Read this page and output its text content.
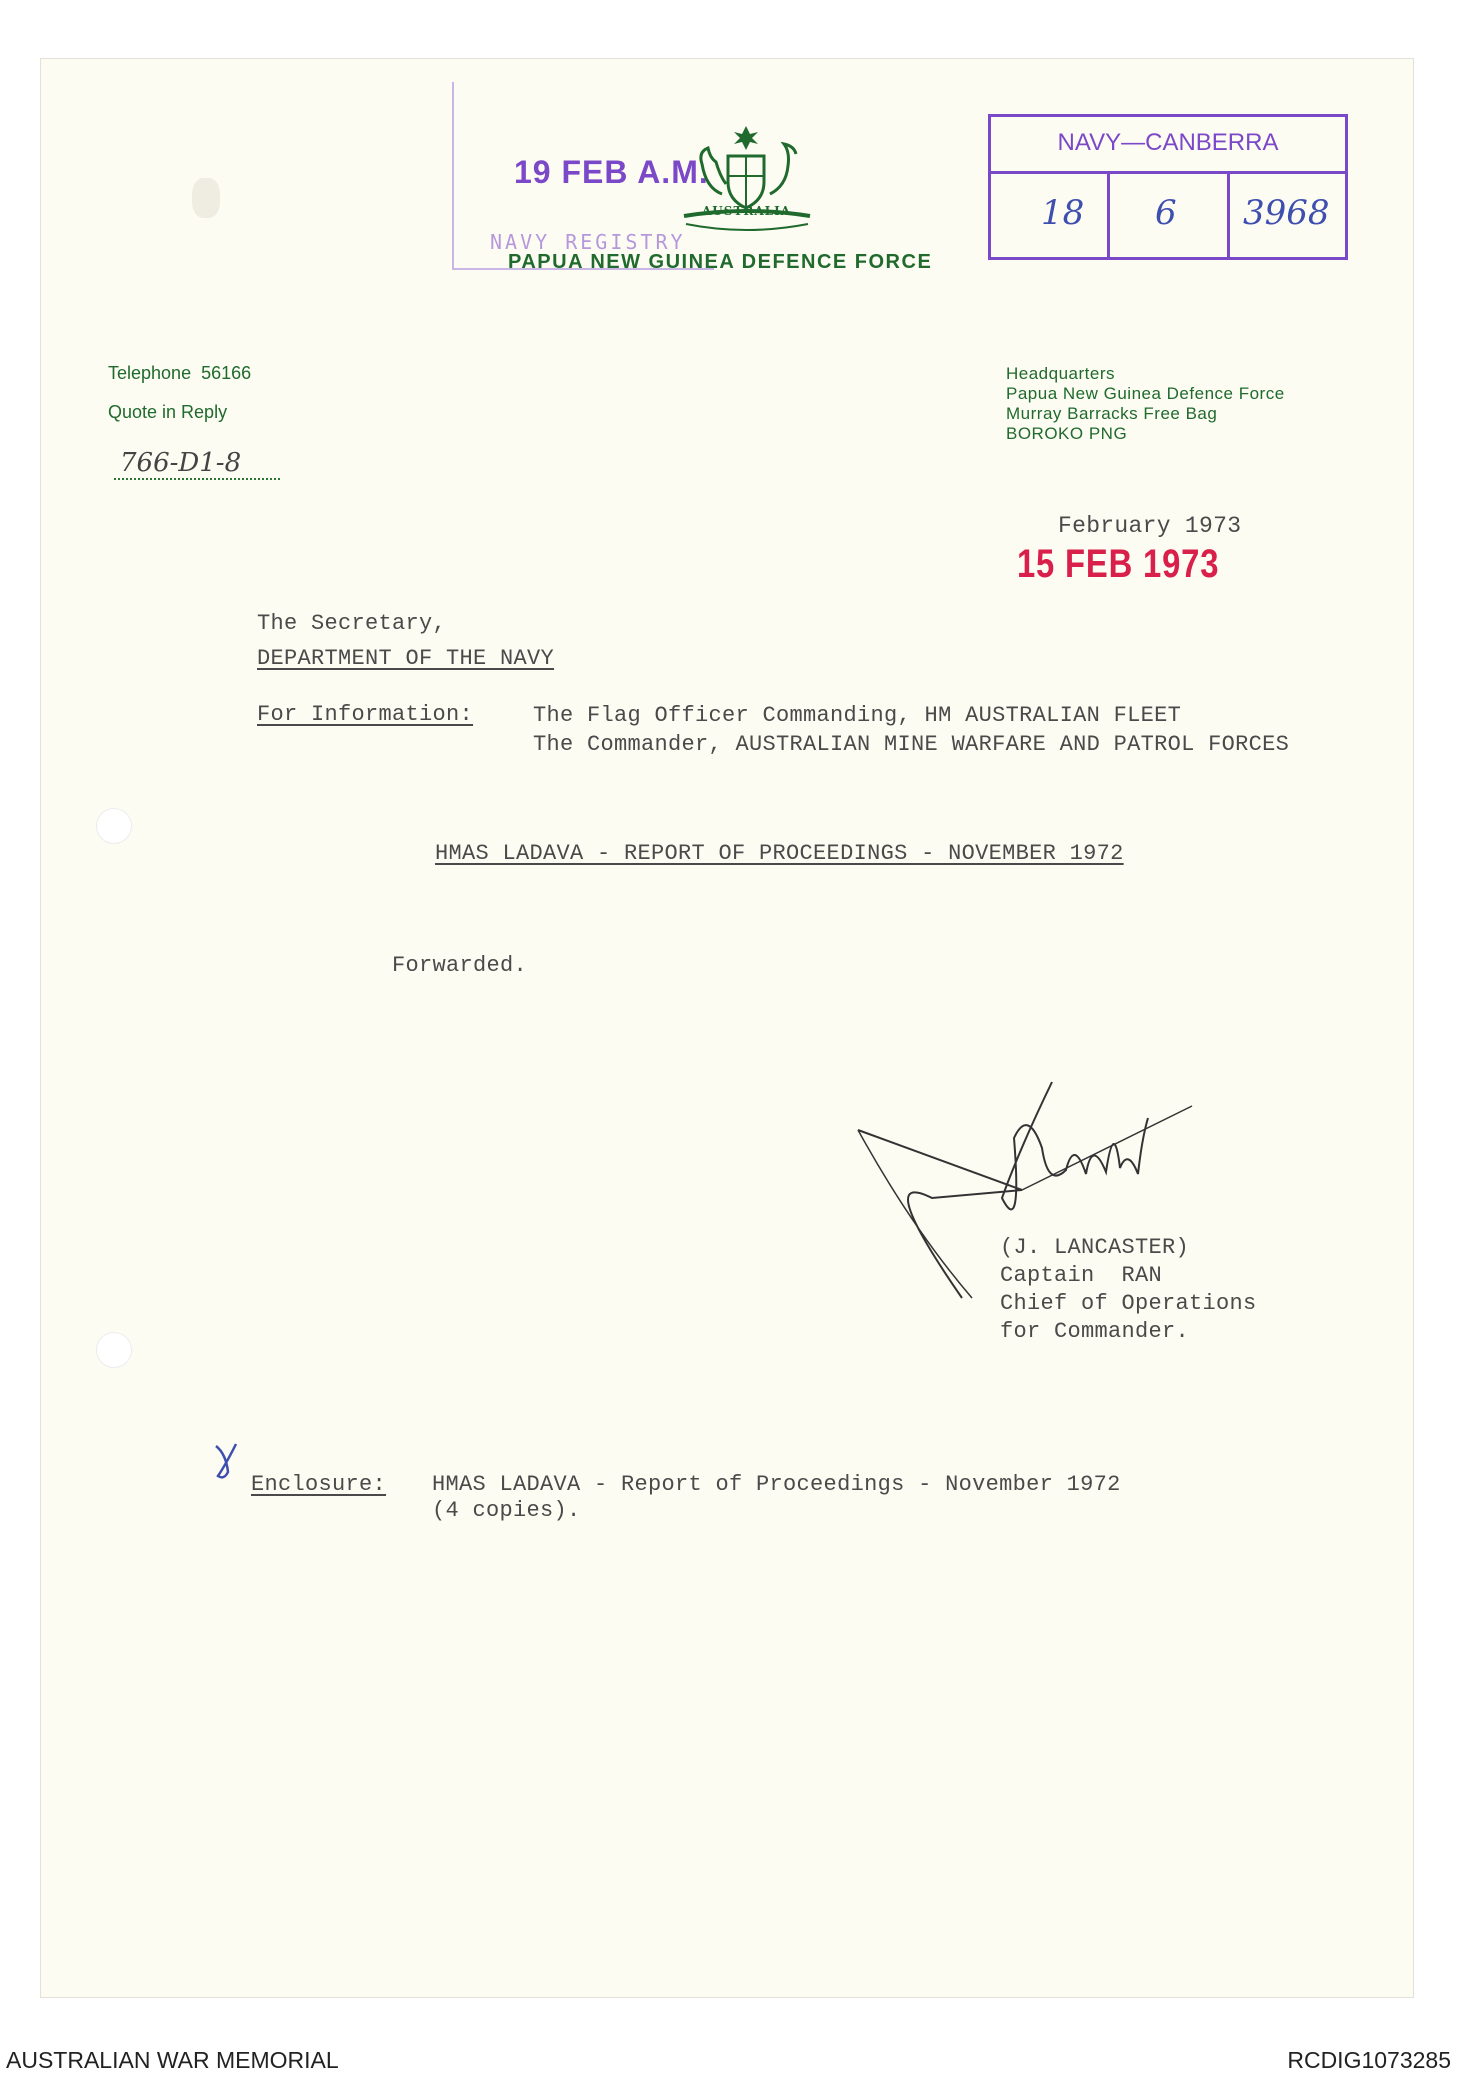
19 FEB A.M.
NAVY REGISTRY
AUSTRALIA
PAPUA NEW GUINEA DEFENCE FORCE
NAVY—CANBERRA
18 6 3968
Telephone  56166
Quote in Reply
766-D1-8
Headquarters
Papua New Guinea Defence Force
Murray Barracks Free Bag
BOROKO PNG
February 1973
15 FEB 1973
The Secretary,
DEPARTMENT OF THE NAVY
For Information:	The Flag Officer Commanding, HM AUSTRALIAN FLEET
The Commander, AUSTRALIAN MINE WARFARE AND PATROL FORCES
HMAS LADAVA - REPORT OF PROCEEDINGS - NOVEMBER 1972
Forwarded.
(J. LANCASTER)
Captain  RAN
Chief of Operations
for Commander.
Enclosure: HMAS LADAVA - Report of Proceedings - November 1972
(4 copies).
AUSTRALIAN WAR MEMORIAL	RCDIG1073285
